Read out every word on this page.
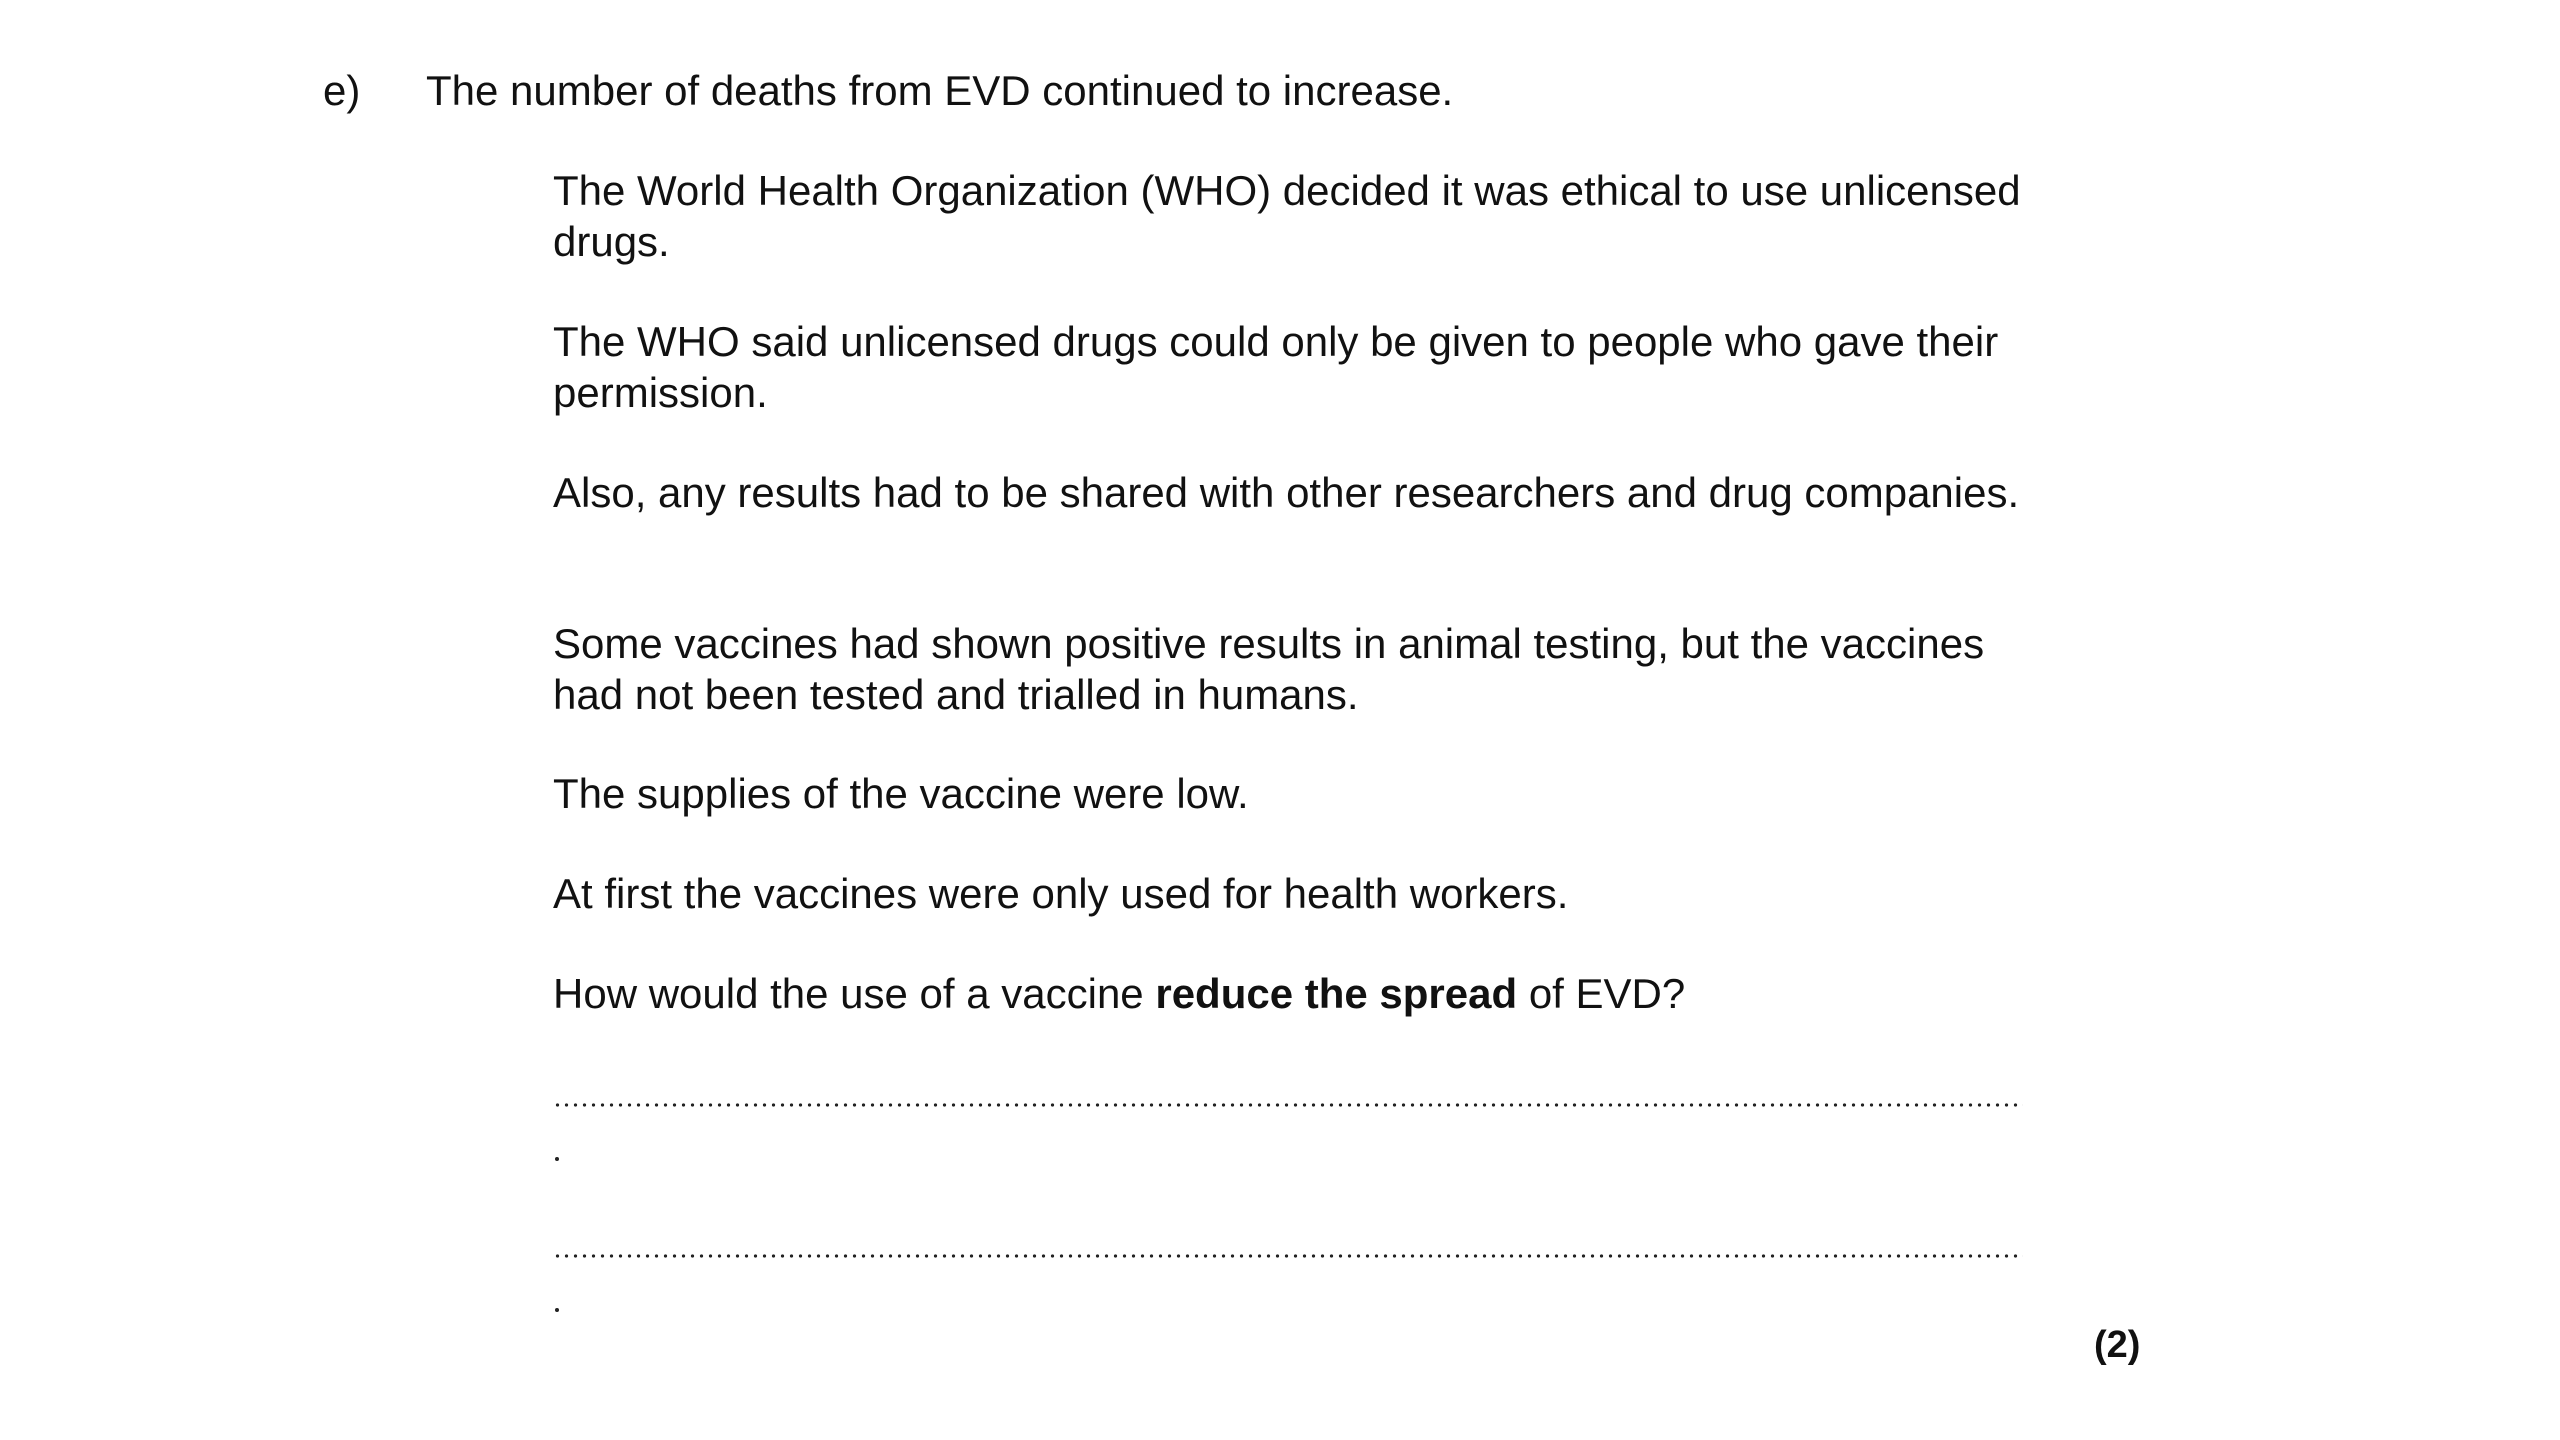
e) The number of deaths from EVD continued to increase.

The World Health Organization (WHO) decided it was ethical to use unlicensed drugs.

The WHO said unlicensed drugs could only be given to people who gave their permission.

Also, any results had to be shared with other researchers and drug companies.

Some vaccines had shown positive results in animal testing, but the vaccines had not been tested and trialled in humans.

The supplies of the vaccine were low.

At first the vaccines were only used for health workers.

How would the use of a vaccine reduce the spread of EVD?

(2)
